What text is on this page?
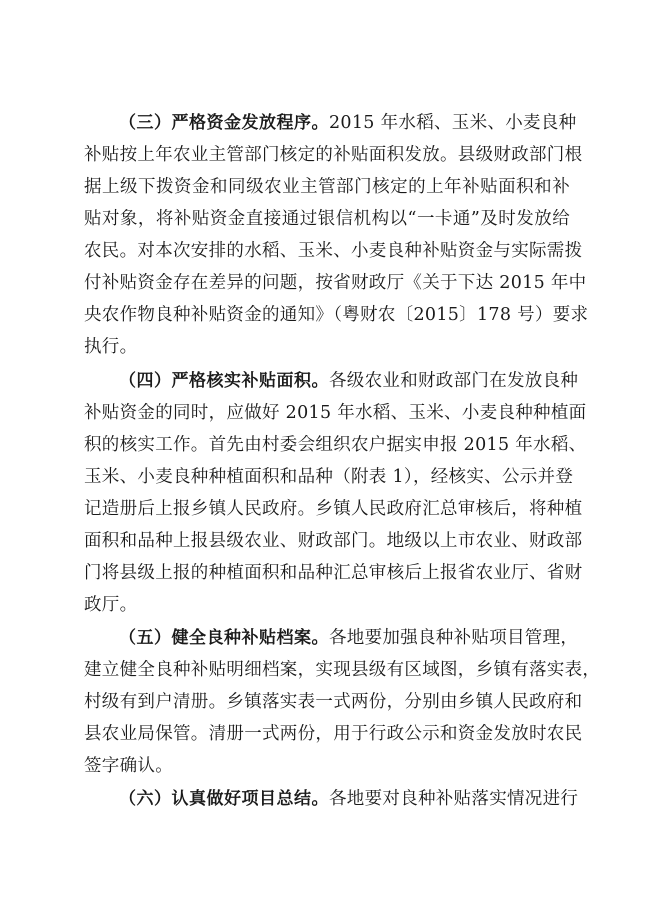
（三）严格资金发放程序。2015 年水稻、玉米、小麦良种
补贴按上年农业主管部门核定的补贴面积发放。县级财政部门根
据上级下拨资金和同级农业主管部门核定的上年补贴面积和补
贴对象，将补贴资金直接通过银信机构以“一卡通”及时发放给
农民。对本次安排的水稻、玉米、小麦良种补贴资金与实际需拨
付补贴资金存在差异的问题，按省财政厅《关于下达 2015 年中
央农作物良种补贴资金的通知》（粤财农〔2015〕178 号）要求
执行。
（四）严格核实补贴面积。各级农业和财政部门在发放良种
补贴资金的同时，应做好 2015 年水稻、玉米、小麦良种种植面
积的核实工作。首先由村委会组织农户据实申报 2015 年水稻、
玉米、小麦良种种植面积和品种（附表 1），经核实、公示并登
记造册后上报乡镇人民政府。乡镇人民政府汇总审核后，将种植
面积和品种上报县级农业、财政部门。地级以上市农业、财政部
门将县级上报的种植面积和品种汇总审核后上报省农业厅、省财
政厅。
（五）健全良种补贴档案。各地要加强良种补贴项目管理，
建立健全良种补贴明细档案，实现县级有区域图，乡镇有落实表，
村级有到户清册。乡镇落实表一式两份，分别由乡镇人民政府和
县农业局保管。清册一式两份，用于行政公示和资金发放时农民
签字确认。
（六）认真做好项目总结。各地要对良种补贴落实情况进行
